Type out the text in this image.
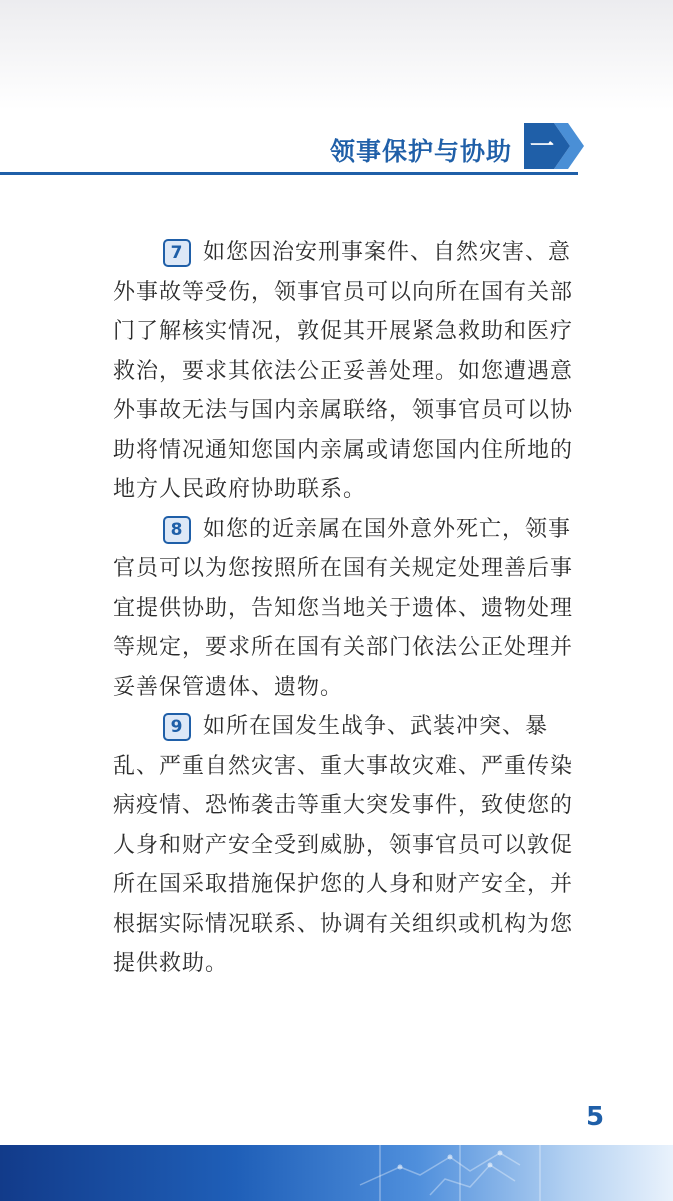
领事保护与协助 一

7 如您因治安刑事案件、自然灾害、意外事故等受伤，领事官员可以向所在国有关部门了解核实情况，敦促其开展紧急救助和医疗救治，要求其依法公正妥善处理。如您遭遇意外事故无法与国内亲属联络，领事官员可以协助将情况通知您国内亲属或请您国内住所地的地方人民政府协助联系。

8 如您的近亲属在国外意外死亡，领事官员可以为您按照所在国有关规定处理善后事宜提供协助，告知您当地关于遗体、遗物处理等规定，要求所在国有关部门依法公正处理并妥善保管遗体、遗物。

9 如所在国发生战争、武装冲突、暴乱、严重自然灾害、重大事故灾难、严重传染病疫情、恐怖袭击等重大突发事件，致使您的人身和财产安全受到威胁，领事官员可以敦促所在国采取措施保护您的人身和财产安全，并根据实际情况联系、协调有关组织或机构为您提供救助。

5
